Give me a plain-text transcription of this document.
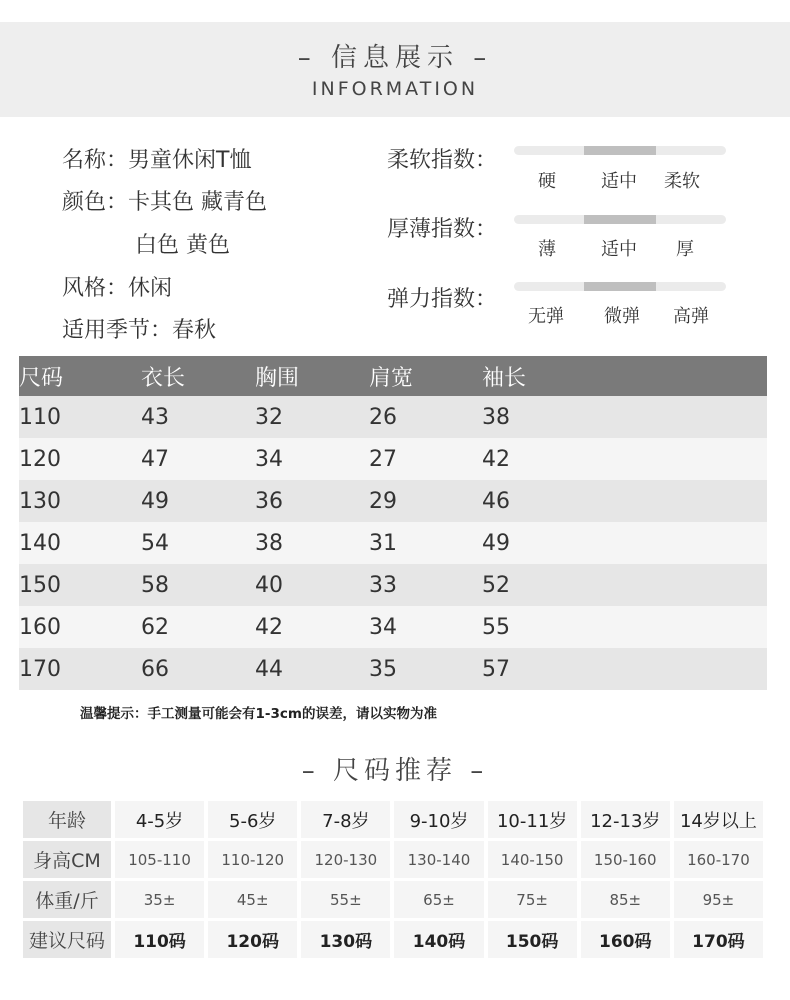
– 信息展示 –
INFORMATION
名称：男童休闲T恤
颜色：卡其色 藏青色
白色 黄色
风格：休闲
适用季节：春秋
柔软指数：
硬	适中 柔软
厚薄指数：
薄	适中 厚
弹力指数：
无弹 微弹 高弹
尺码	衣长	胸围	肩宽	袖长
110	43	32	26	38
120	47	34	27	42
130	49	36	29	46
140	54	38	31	49
150	58	40	33	52
160	62	42	34	55
170	66	44	35	57
温馨提示：手工测量可能会有1-3cm的误差，请以实物为准
– 尺码推荐 –
年龄	4-5岁	5-6岁	7-8岁	9-10岁	10-11岁	12-13岁	14岁以上
身高CM	105-110	110-120	120-130	130-140	140-150	150-160	160-170
体重/斤	35±	45±	55±	65±	75±	85±	95±
建议尺码	110码	120码	130码	140码	150码	160码	170码
